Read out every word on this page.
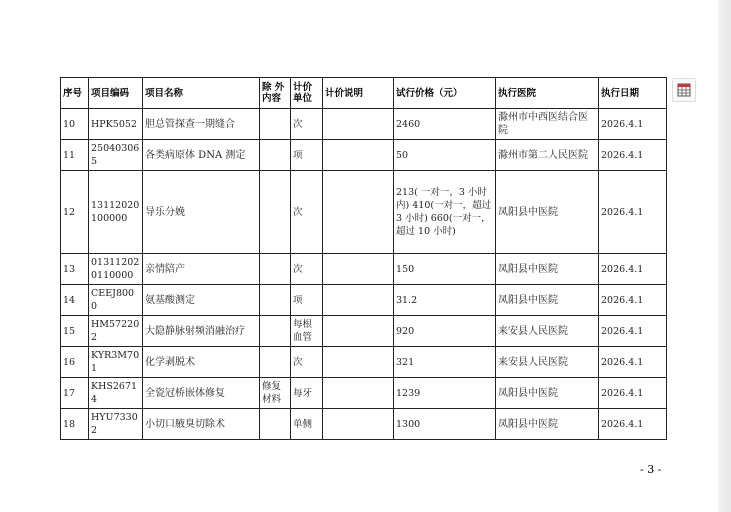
序号	项目编码	项目名称	除 外内容	计价单位	计价说明	试行价格（元）	执行医院	执行日期
10	HPK5052	胆总管探查一期缝合		次		2460	滁州市中西医结合医院	2026.4.1
11	250403065	各类病原体 DNA 测定		项		50	滁州市第二人民医院	2026.4.1
12	13112020100000	导乐分娩		次		213( 一对一，3 小时内) 410(一对一，超过 3 小时) 660(一对一，超过 10 小时)	凤阳县中医院	2026.4.1
13	013112020110000	亲情陪产		次		150	凤阳县中医院	2026.4.1
14	CEEJ8000	氨基酸测定		项		31.2	凤阳县中医院	2026.4.1
15	HM572202	大隐静脉射频消融治疗		每根血管		920	来安县人民医院	2026.4.1
16	KYR3M701	化学剥脱术		次		321	来安县人民医院	2026.4.1
17	KHS26714	全瓷冠桥嵌体修复	修复材料	每牙		1239	凤阳县中医院	2026.4.1
18	HYU73302	小切口腋臭切除术		单侧		1300	凤阳县中医院	2026.4.1
- 3 -
